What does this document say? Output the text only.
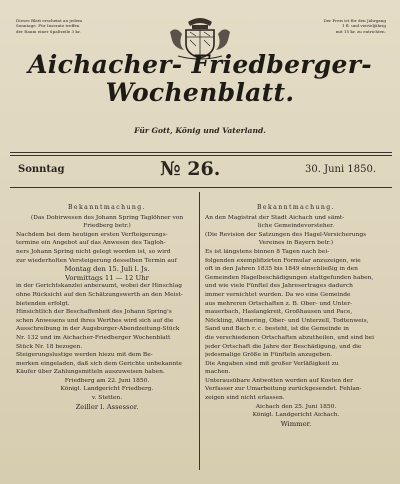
Dieses Blatt erscheint an jedem
Sonntage. Für Inserate treffen
der Raum einer Spaltzeile 3 kr.
Der Preis ist für den Jahrgang
1 fl. und vierteljährig
mit 15 kr. zu entrichten.
Aichacher- Friedberger-
Wochenblatt.
Für Gott, König und Vaterland.
Sonntag	№ 26.	30. Juni 1850.
Bekanntmachung.
(Das Dobirwesen des Johann Spring Taglöhner von
Friedberg betr.)
Nachdem bei dem heutigen ersten Verfteigerungs-
termine ein Angebot auf das Anwesen des Tagloh-
ners Johann Spring nicht gelegt worden ist, so wird
zur wiederholten Versteigerung desselben Termin auf
Montag den 15. Juli l. Js.
Vormittags 11 — 12 Uhr
in der Gerichtskanzlei anberaumt, wobei der Hinschlag
ohne Rücksicht auf den Schätzungswerth an den Meist-
bietenden erfolgt.
Hinsichtlich der Beschaffenheit des Johann Spring's
schen Anwesens und ihres Werthes wird sich auf die
Ausschreibung in der Augsburger-Abendzeitung-Stück
Nr. 132 und im Aichacher-Friedberger Wochenblatt
Stück Nr. 18 bezogen.
Steigerungslustige werden hiezu mit dem Be-
merken eingeladen, daß sich dem Gerichte unbekannte
Käufer über Zahlungsmitteln auszuweisen haben.
Friedberg am 22. Juni 1850.
Königl. Landgericht Friedberg.
v. Stetten.
Zeiller l. Assessor.
Bekanntmachung.
An den Magistrat der Stadt Aichach und sämt-
liche Gemeindevorsteher.
(Die Revision der Satzungen des Hagel-Versicherungs
Vereines in Bayern betr.)
Es ist längstens binnen 8 Tagen nach bei-
folgenden exemplifizirten Formular anzuzeigen, wie
oft in den Jahren 1835 bis 1849 einschließig in den
Gemeinden Hagelbeschädigungen stattgefunden haben,
und wie viele Fünftel des Jahresertrages dadurch
immer vernichtet wurden. Da wo eine Gemeinde
aus mehreren Ortschaften z. B. Ober- und Unter-
mauerbach, Haslangkreit, Großhausen und Pace,
Nöckling, Altmering, Ober- und Unterzell, Todtenweis,
Sand und Bach r. c. besteht, ist die Gemeinde in
die verschiedenen Ortschaften abzutheilen, und sind bei
jeder Ortschaft die Jahre der Beschädigung, und die
jedesmalige Größe in Fünfteln anzugeben.
Die Angaben sind mit großer Verläßigkeit zu
machen.
Unterausübare Antwotten werden auf Kosten der
Verfasser zur Umarbeitung zurückgesendet. Fehlan-
zeigen sind nicht erlassen.
Aichach den 25. Juni 1850.
Königl. Landgericht Aichach.
Wimmer.
